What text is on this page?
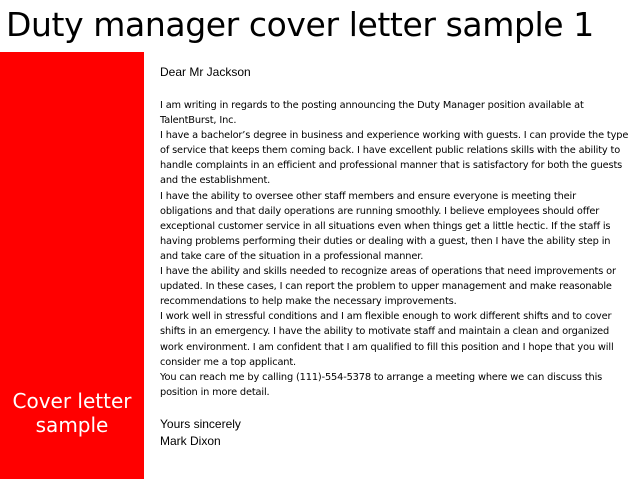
Duty manager cover letter sample 1
Cover letter sample

Dear Mr Jackson

I am writing in regards to the posting announcing the Duty Manager position available at TalentBurst, Inc.

I have a bachelor’s degree in business and experience working with guests. I can provide the type of service that keeps them coming back. I have excellent public relations skills with the ability to handle complaints in an efficient and professional manner that is satisfactory for both the guests and the establishment.

I have the ability to oversee other staff members and ensure everyone is meeting their obligations and that daily operations are running smoothly. I believe employees should offer exceptional customer service in all situations even when things get a little hectic. If the staff is having problems performing their duties or dealing with a guest, then I have the ability step in and take care of the situation in a professional manner.

I have the ability and skills needed to recognize areas of operations that need improvements or updated. In these cases, I can report the problem to upper management and make reasonable recommendations to help make the necessary improvements.

I work well in stressful conditions and I am flexible enough to work different shifts and to cover shifts in an emergency. I have the ability to motivate staff and maintain a clean and organized work environment. I am confident that I am qualified to fill this position and I hope that you will consider me a top applicant.

You can reach me by calling (111)-554-5378 to arrange a meeting where we can discuss this position in more detail.

Yours sincerely

Mark Dixon
